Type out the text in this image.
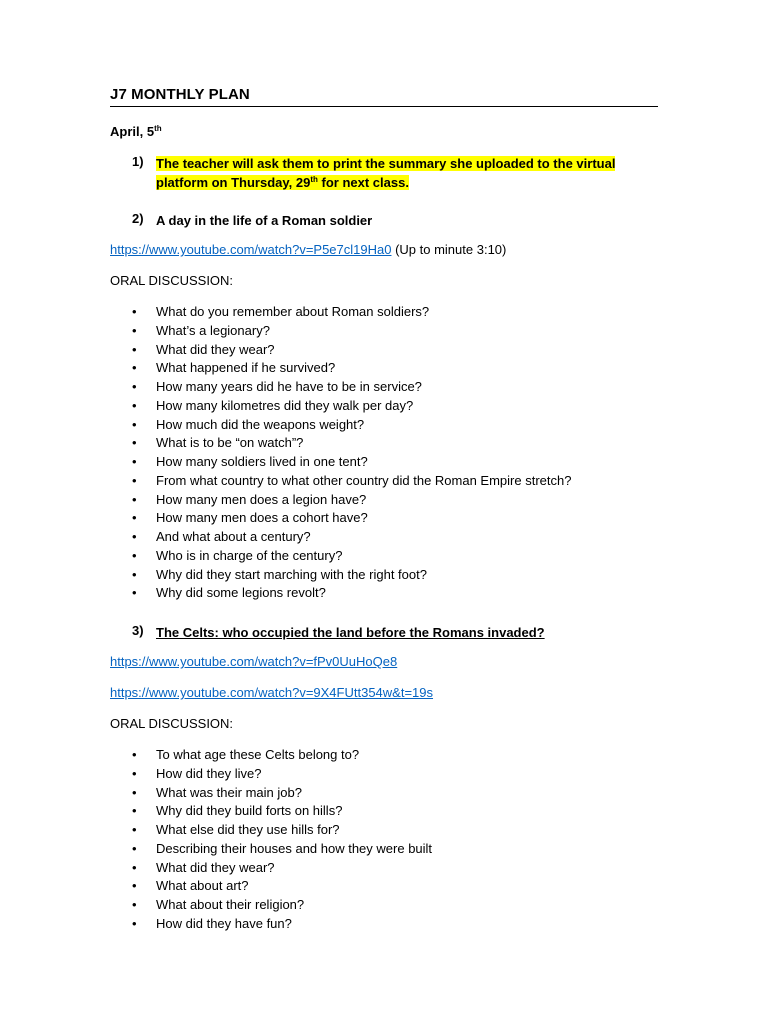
J7 MONTHLY PLAN
April, 5th
1) The teacher will ask them to print the summary she uploaded to the virtual platform on Thursday, 29th for next class.
2) A day in the life of a Roman soldier
https://www.youtube.com/watch?v=P5e7cl19Ha0 (Up to minute 3:10)
ORAL DISCUSSION:
• What do you remember about Roman soldiers?
• What’s a legionary?
• What did they wear?
• What happened if he survived?
• How many years did he have to be in service?
• How many kilometres did they walk per day?
• How much did the weapons weight?
• What is to be “on watch”?
• How many soldiers lived in one tent?
• From what country to what other country did the Roman Empire stretch?
• How many men does a legion have?
• How many men does a cohort have?
• And what about a century?
• Who is in charge of the century?
• Why did they start marching with the right foot?
• Why did some legions revolt?
3) The Celts: who occupied the land before the Romans invaded?
https://www.youtube.com/watch?v=fPv0UuHoQe8
https://www.youtube.com/watch?v=9X4FUtt354w&t=19s
ORAL DISCUSSION:
• To what age these Celts belong to?
• How did they live?
• What was their main job?
• Why did they build forts on hills?
• What else did they use hills for?
• Describing their houses and how they were built
• What did they wear?
• What about art?
• What about their religion?
• How did they have fun?
